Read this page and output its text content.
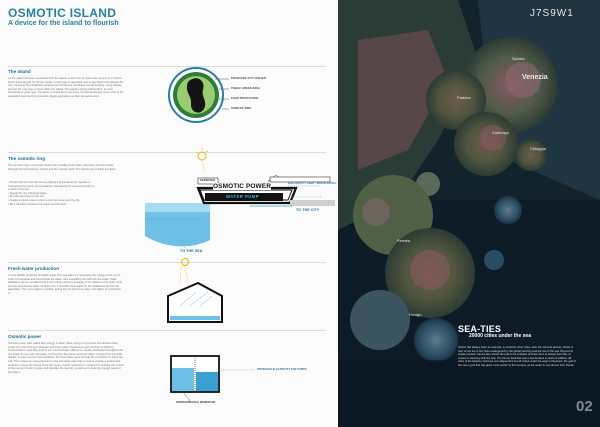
OSMOTIC ISLAND
A device for the island to flourish
The island
As the water has been evacuated from the island, a new form of nature has sprung up in Venice. Fresh areas appear for former canals. A new type of vegetation and a new fauna has adopted the city, producing the inhabitants pleasure and freshness. Gondolas are still working, using wheels, and are the only way to travel within the island. The island is being independent, at more thousands of years ago. Therefore, it produces its own food, through landscape crops. Part of the population went back to local and organic agriculture as their ancestors were.
The osmotic ring
The osmotic ring is a physical barrier that provides fresh water, electricity and acts a filter although the limit between Venice and the outside world. The barrier has multiple functions:
• Protect the city from the sea by playing a physical barrier capable of
maintaining the ocean and constantly maintaining the sea level thanks to
a series of pumps.
• Supply the city with fresh water.
• Provide electricity for the city.
• Create a leisure area in order to join the ocean and the city.
• Be a transition between the ocean and the land.
Fresh water production
A solar distiller produces drinkable water from sea water by harvesting the energy of the sun in order to evaporate and concentrate the water, thus separating the salt from the water. Solar distillation can be considered as a form of the recovery because of the relation to the solar cycle and the greenhouse effect. Furthermore, it provides fresh water for the inhabitants and for the agriculture. The more water is needed, during the hot and sunny days, the higher its production is.
Osmotic power
Osmotic power, also called blue energy, is clean. Blue energy is a process that derives clean power from the mixing of saltwater and fresh water. Membranes and solutions of differing concentrations meet they tend to mix. Concentration difference equally distributed throughout the two sides. As one side salt water, coming from the ocean and fresh water, coming from the solar distiller. To even out the concentrations, the fresh water goes through the membrane to dilute the salt. This creates an extra pressure on the salt water side, that is used to actuate a turbine that produces energy. By having these two types of water electricity is produced to activate the motors of the pumps in order to keep and maintain the land dry as well as to meet the energy needs of the island.
PRODUCED CITY CENTER
PUBLIC GREEN AREA
FOOD PRODUCTION
OSMOTIC RING
SEAWATER
OSMOTIC POWER
WATER PUMP
ELECTRICITY / LIGHT / WATER SUPPLY
TO THE CITY
TO THE SEA
PRODUCES ELECTRICITY FOR PUMPS
SEMIPERMEABLE MEMBRANE
J7S9W1
Spinea
Venezia
Padova
Codevigo
Chioggia
Ferrara
Rovigo
SEA-TIES
20000 cities under the sea
Venice has always been an example, a model for other cities. After the Venezia islands, Venice is next on the list of the cities endangered by the global warming and the rise of the sea. Beyond its simple survival, Venice also shows the path to be imitated, and lets them to accept their fate, to coexist in harmony with the sea. The former land that was a sea became a mesh of artifices. All cities of the Eastern world are set independent but all united under the aegis of Neptune, the god of the sea, a god that has given more power by the humans, as the water is now almost their friends.
02
